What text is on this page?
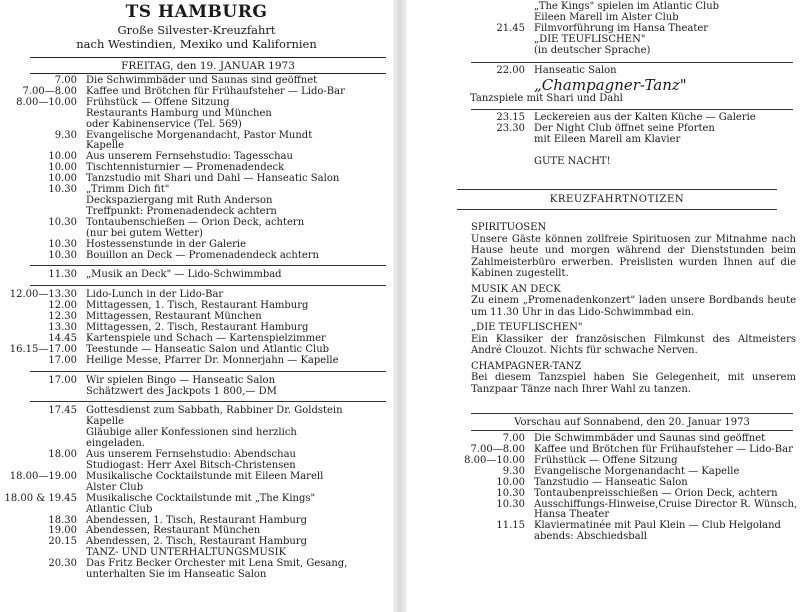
TS HAMBURG
Große Silvester-Kreuzfahrt
nach Westindien, Mexiko und Kalifornien
FREITAG, den 19. JANUAR 1973
7.00 Die Schwimmbäder und Saunas sind geöffnet
7.00—8.00 Kaffee und Brötchen für Frühaufsteher — Lido-Bar
8.00—10.00 Frühstück — Offene Sitzung
Restaurants Hamburg und München
oder Kabinenservice (Tel. 569)
9.30 Evangelische Morgenandacht, Pastor Mundt
Kapelle
10.00 Aus unserem Fernsehstudio: Tagesschau
10.00 Tischtennisturnier — Promenadendeck
10.00 Tanzstudio mit Shari und Dahl — Hanseatic Salon
10.30 „Trimm Dich fit"
Deckspaziergang mit Ruth Anderson
Treffpunkt: Promenadendeck achtern
10.30 Tontaubenschießen — Orion Deck, achtern
(nur bei gutem Wetter)
10.30 Hostessenstunde in der Galerie
10.30 Bouillon an Deck — Promenadendeck achtern
11.30 „Musik an Deck" — Lido-Schwimmbad
12.00—13.30 Lido-Lunch in der Lido-Bar
12.00 Mittagessen, 1. Tisch, Restaurant Hamburg
12.30 Mittagessen, Restaurant München
13.30 Mittagessen, 2. Tisch, Restaurant Hamburg
14.45 Kartenspiele und Schach — Kartenspielzimmer
16.15—17.00 Teestunde — Hanseatic Salon und Atlantic Club
17.00 Heilige Messe, Pfarrer Dr. Monnerjahn — Kapelle
17.00 Wir spielen Bingo — Hanseatic Salon
Schätzwert des Jackpots 1 800,— DM
17.45 Gottesdienst zum Sabbath, Rabbiner Dr. Goldstein
Kapelle
Gläubige aller Konfessionen sind herzlich
eingeladen.
18.00 Aus unserem Fernsehstudio: Abendschau
Studiogast: Herr Axel Bitsch-Christensen
18.00—19.00 Musikalische Cocktailstunde mit Eileen Marell
Alster Club
18.00 & 19.45 Musikalische Cocktailstunde mit „The Kings"
Atlantic Club
18.30 Abendessen, 1. Tisch, Restaurant Hamburg
19.00 Abendessen, Restaurant München
20.15 Abendessen, 2. Tisch, Restaurant Hamburg
TANZ- UND UNTERHALTUNGSMUSIK
20.30 Das Fritz Becker Orchester mit Lena Smit, Gesang,
unterhalten Sie im Hanseatic Salon
„The Kings" spielen im Atlantic Club
Eileen Marell im Alster Club
21.45 Filmvorführung im Hansa Theater
„DIE TEUFLISCHEN"
(in deutscher Sprache)
22.00 Hanseatic Salon
„Champagner-Tanz"
Tanzspiele mit Shari und Dahl
23.15 Leckereien aus der Kalten Küche — Galerie
23.30 Der Night Club öffnet seine Pforten
mit Eileen Marell am Klavier
GUTE NACHT!
KREUZFAHRTNOTIZEN
SPIRITUOSEN
Unsere Gäste können zollfreie Spirituosen zur Mitnahme nach Hause heute und morgen während der Dienststunden beim Zahlmeisterbüro erwerben. Preislisten wurden Ihnen auf die Kabinen zugestellt.
MUSIK AN DECK
Zu einem „Promenadenkonzert" laden unsere Bordbands heute um 11.30 Uhr in das Lido-Schwimmbad ein.
„DIE TEUFLISCHEN"
Ein Klassiker der französischen Filmkunst des Altmeisters André Clouzot. Nichts für schwache Nerven.
CHAMPAGNER-TANZ
Bei diesem Tanzspiel haben Sie Gelegenheit, mit unserem Tanzpaar Tänze nach Ihrer Wahl zu tanzen.
Vorschau auf Sonnabend, den 20. Januar 1973
7.00 Die Schwimmbäder und Saunas sind geöffnet
7.00—8.00 Kaffee und Brötchen für Frühaufsteher — Lido-Bar
8.00—10.00 Frühstück — Offene Sitzung
9.30 Evangelische Morgenandacht — Kapelle
10.00 Tanzstudio — Hanseatic Salon
10.30 Tontaubenpreisschießen — Orion Deck, achtern
10.30 Ausschiffungs-Hinweise,Cruise Director R. Wünsch,
Hansa Theater
11.15 Klaviermatinée mit Paul Klein — Club Helgoland
abends: Abschiedsball
